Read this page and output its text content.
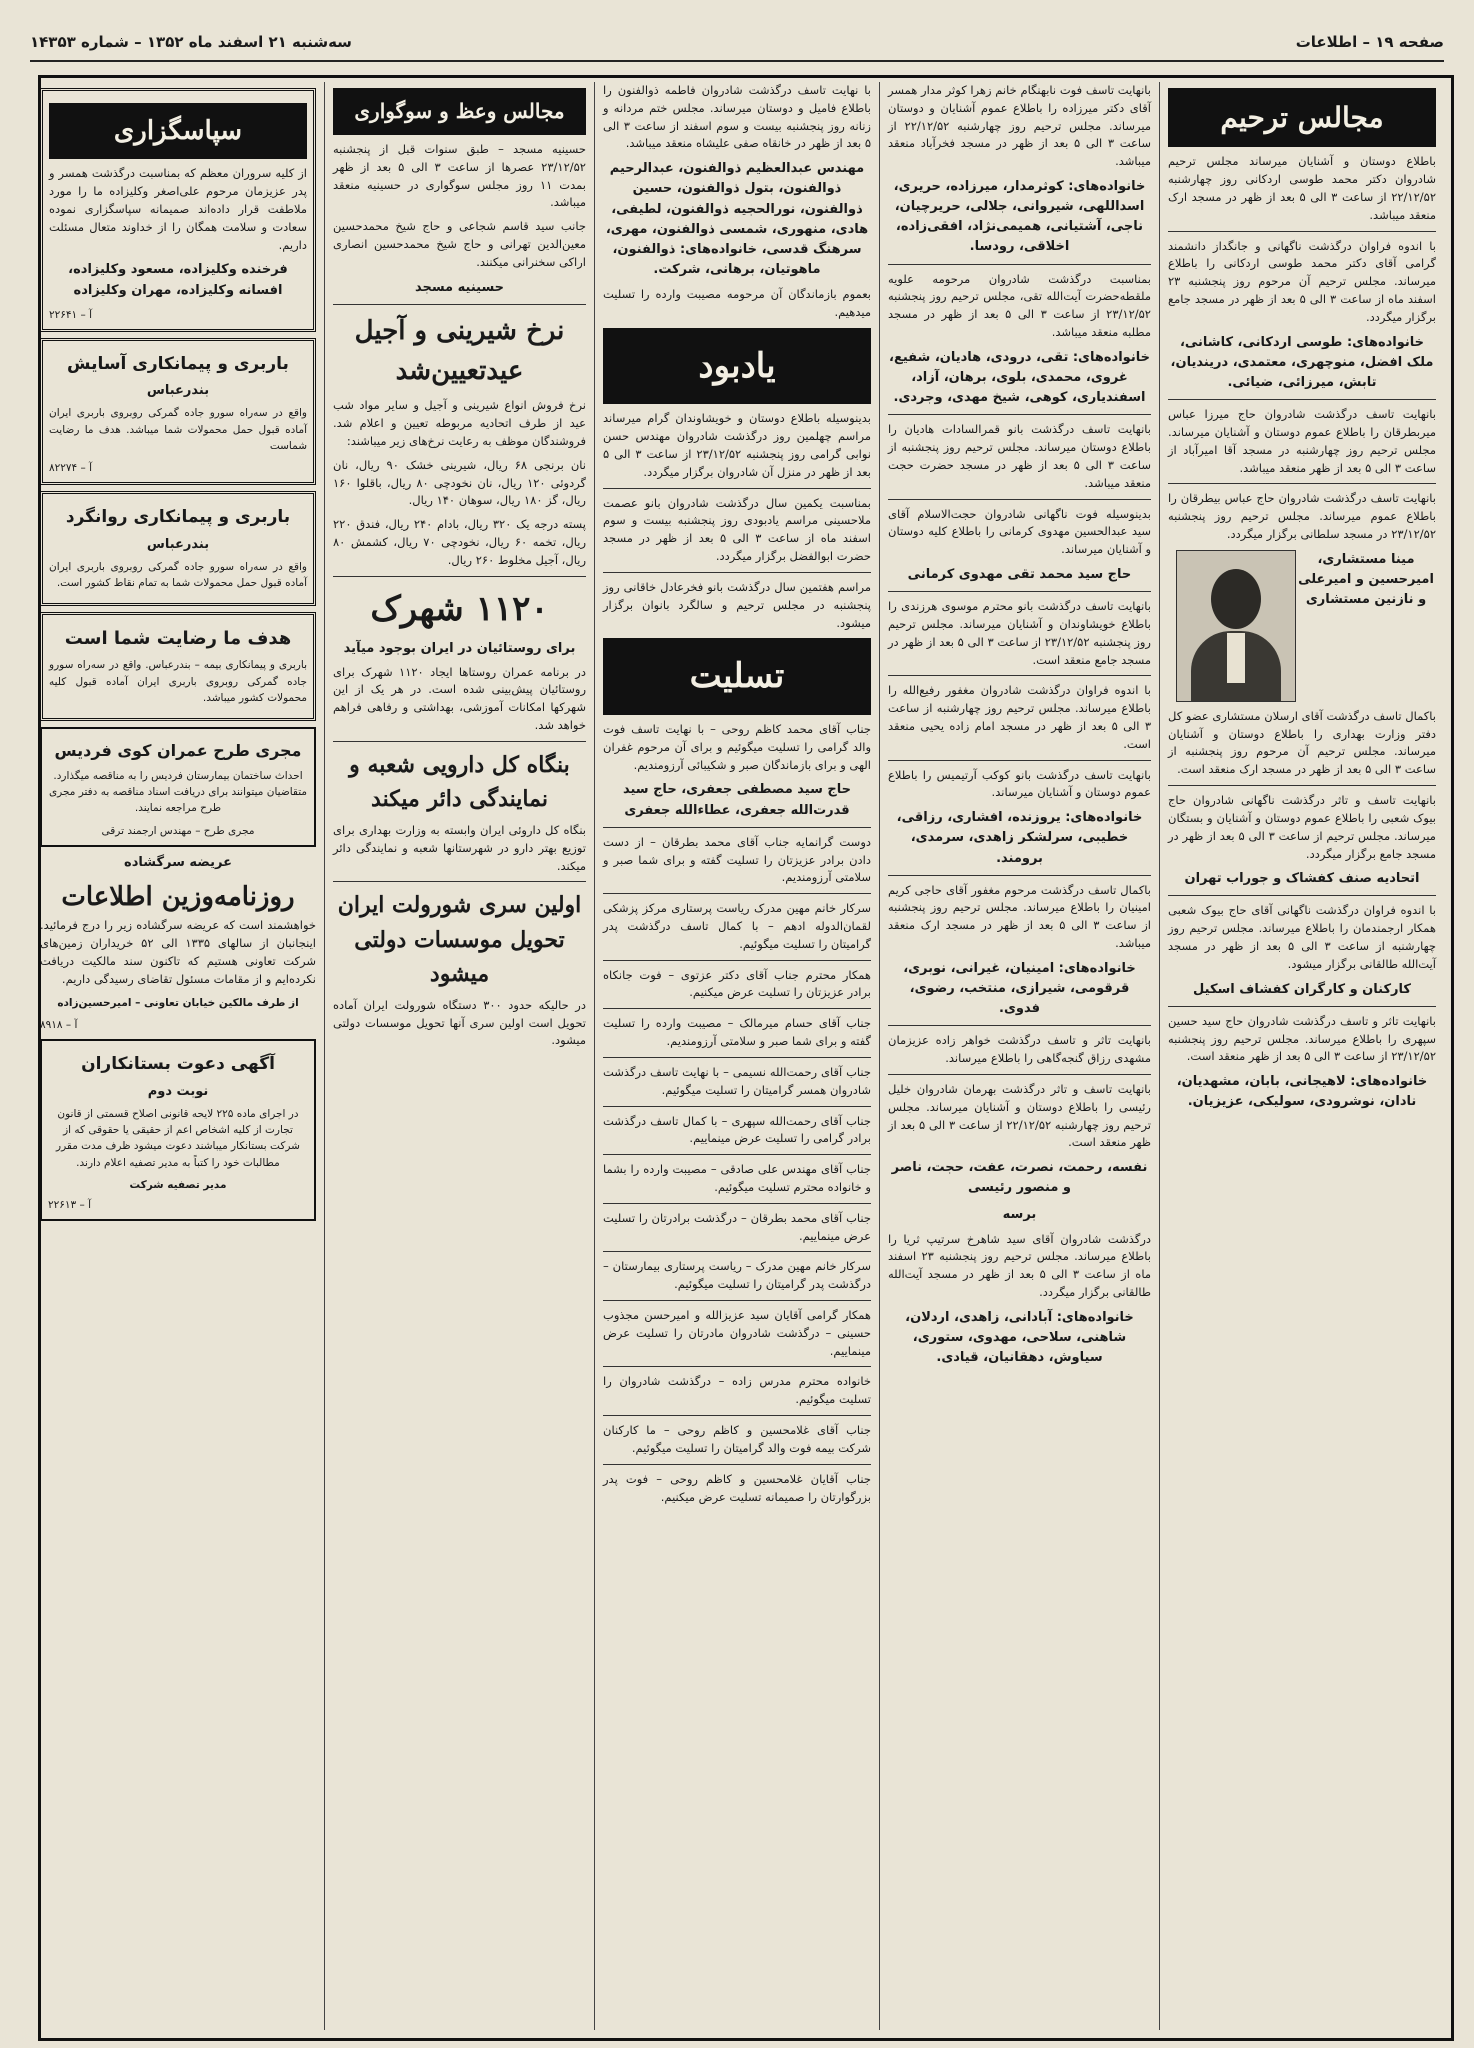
صفحه ۱۹ – اطلاعات
سه‌شنبه ۲۱ اسفند ماه ۱۳۵۲ – شماره ۱۴۳۵۳
مجالس ترحیم

باطلاع دوستان و آشنایان میرساند مجلس ترحیم شادروان دکتر محمد طوسی اردکانی روز چهارشنبه ۲۲/۱۲/۵۲ از ساعت ۳ الی ۵ بعد از ظهر در مسجد ارک منعقد میباشد.

با اندوه فراوان درگذشت ناگهانی و جانگداز دانشمند گرامی آقای دکتر محمد طوسی اردکانی را باطلاع میرساند. مجلس ترحیم آن مرحوم روز پنجشنبه ۲۳ اسفند ماه از ساعت ۳ الی ۵ بعد از ظهر در مسجد جامع برگزار میگردد.

خانواده‌های: طوسی اردکانی، کاشانی، ملک افضل، منوچهری، معتمدی، دریندیان، تابش، میرزائی، ضیائی.

بانهایت تاسف درگذشت شادروان حاج میرزا عباس میربطرقان را باطلاع عموم دوستان و آشنایان میرساند. مجلس ترحیم روز چهارشنبه در مسجد آقا امیرآباد از ساعت ۳ الی ۵ بعد از ظهر منعقد میباشد.

بانهایت تاسف درگذشت شادروان حاج عباس بیطرقان را باطلاع عموم میرساند. مجلس ترحیم روز پنجشنبه ۲۳/۱۲/۵۲ در مسجد سلطانی برگزار میگردد.

مینا مستشاری، امیرحسین و امیرعلی و نازنین مستشاری

باکمال تاسف درگذشت آقای ارسلان مستشاری عضو کل دفتر وزارت بهداری را باطلاع دوستان و آشنایان میرساند. مجلس ترحیم آن مرحوم روز پنجشنبه از ساعت ۳ الی ۵ بعد از ظهر در مسجد ارک منعقد است.

بانهایت تاسف و تاثر درگذشت ناگهانی شادروان حاج بیوک شعبی را باطلاع عموم دوستان و آشنایان و بستگان میرساند. مجلس ترحیم از ساعت ۳ الی ۵ بعد از ظهر در مسجد جامع برگزار میگردد.

اتحادیه صنف کفشاک و جوراب تهران

با اندوه فراوان درگذشت ناگهانی آقای حاج بیوک شعبی همکار ارجمندمان را باطلاع میرساند. مجلس ترحیم روز چهارشنبه از ساعت ۳ الی ۵ بعد از ظهر در مسجد آیت‌الله طالقانی برگزار میشود.

کارکنان و کارگران کفشاف اسکیل

بانهایت تاثر و تاسف درگذشت شادروان حاج سید حسین سپهری را باطلاع میرساند. مجلس ترحیم روز پنجشنبه ۲۳/۱۲/۵۲ از ساعت ۳ الی ۵ بعد از ظهر منعقد است.

خانواده‌های: لاهیجانی، بابان، مشهدیان، نادان، نوشرودی، سولیکی، عزیزیان.

بانهایت تاسف فوت نابهنگام خانم زهرا کوثر مدار همسر آقای دکتر میرزاده را باطلاع عموم آشنایان و دوستان میرساند. مجلس ترحیم روز چهارشنبه ۲۲/۱۲/۵۲ از ساعت ۳ الی ۵ بعد از ظهر در مسجد فخرآباد منعقد میباشد.

خانواده‌های: کوثرمدار، میرزاده، حریری، اسداللهی، شیروانی، جلالی، حریرچیان، ناجی، آشتیانی، همیمی‌نژاد، افقی‌زاده، اخلاقی، رودسا.

بمناسبت درگذشت شادروان مرحومه علویه ملقطه‌حضرت آیت‌الله تقی، مجلس ترحیم روز پنجشنبه ۲۳/۱۲/۵۲ از ساعت ۳ الی ۵ بعد از ظهر در مسجد مطلبه منعقد میباشد.

خانواده‌های: تقی، درودی، هادیان، شفیع، غروی، محمدی، بلوی، برهان، آزاد، اسفندیاری، کوهی، شیخ مهدی، وجردی.

بانهایت تاسف درگذشت بانو قمرالسادات هادیان را باطلاع دوستان میرساند. مجلس ترحیم روز پنجشنبه از ساعت ۳ الی ۵ بعد از ظهر در مسجد حضرت حجت منعقد میباشد.

بدینوسیله فوت ناگهانی شادروان حجت‌الاسلام آقای سید عبدالحسین مهدوی کرمانی را باطلاع کلیه دوستان و آشنایان میرساند.

حاج سید محمد تقی مهدوی کرمانی

بانهایت تاسف درگذشت بانو محترم موسوی هرزندی را باطلاع خویشاوندان و آشنایان میرساند. مجلس ترحیم روز پنجشنبه ۲۳/۱۲/۵۲ از ساعت ۳ الی ۵ بعد از ظهر در مسجد جامع منعقد است.

با اندوه فراوان درگذشت شادروان مغفور رفیع‌الله را باطلاع میرساند. مجلس ترحیم روز چهارشنبه از ساعت ۳ الی ۵ بعد از ظهر در مسجد امام زاده یحیی منعقد است.

بانهایت تاسف درگذشت بانو کوکب آرتیمیس را باطلاع عموم دوستان و آشنایان میرساند.

خانواده‌های: یروزنده، افشاری، رزاقی، خطیبی، سرلشکر زاهدی، سرمدی، برومند.

باکمال تاسف درگذشت مرحوم مغفور آقای حاجی کریم امینیان را باطلاع میرساند. مجلس ترحیم روز پنجشنبه از ساعت ۳ الی ۵ بعد از ظهر در مسجد ارک منعقد میباشد.

خانواده‌های: امینیان، غیرانی، نوبری، قرقومی، شیرازی، منتخب، رضوی، فدوی.

بانهایت تاثر و تاسف درگذشت خواهر زاده عزیزمان مشهدی رزاق گنجه‌گاهی را باطلاع میرساند.

بانهایت تاسف و تاثر درگذشت بهرمان شادروان خلیل رئیسی را باطلاع دوستان و آشنایان میرساند. مجلس ترحیم روز چهارشنبه ۲۲/۱۲/۵۲ از ساعت ۳ الی ۵ بعد از ظهر منعقد است.

نفسه، رحمت، نصرت، عفت، حجت، ناصر و منصور رئیسی

برسه

درگذشت شادروان آقای سید شاهرخ سرتیپ ثریا را باطلاع میرساند. مجلس ترحیم روز پنجشنبه ۲۳ اسفند ماه از ساعت ۳ الی ۵ بعد از ظهر در مسجد آیت‌الله طالقانی برگزار میگردد.

خانواده‌های: آبادانی، زاهدی، اردلان، شاهنی، سلاحی، مهدوی، ستوری، سیاوش، دهقانیان، قیادی.

با نهایت تاسف درگذشت شادروان فاطمه ذوالفنون را باطلاع فامیل و دوستان میرساند. مجلس ختم مردانه و زنانه روز پنجشنبه بیست و سوم اسفند از ساعت ۳ الی ۵ بعد از ظهر در خانقاه صفی علیشاه منعقد میباشد.

مهندس عبدالعظیم ذوالفنون، عبدالرحیم ذوالفنون، بتول ذوالفنون، حسین ذوالفنون، نورالحجیه ذوالفنون، لطیفی، هادی، منهوری، شمسی ذوالفنون، مهری، سرهنگ قدسی، خانواده‌های: ذوالفنون، ماهوتیان، برهانی، شرکت.

بعموم بازماندگان آن مرحومه مصیبت وارده را تسلیت میدهیم.

یادبود

بدینوسیله باطلاع دوستان و خویشاوندان گرام میرساند مراسم چهلمین روز درگذشت شادروان مهندس حسن نوابی گرامی روز پنجشنبه ۲۳/۱۲/۵۲ از ساعت ۳ الی ۵ بعد از ظهر در منزل آن شادروان برگزار میگردد.

بمناسبت یکمین سال درگذشت شادروان بانو عصمت ملاحسینی مراسم یادبودی روز پنجشنبه بیست و سوم اسفند ماه از ساعت ۳ الی ۵ بعد از ظهر در مسجد حضرت ابوالفضل برگزار میگردد.

مراسم هفتمین سال درگذشت بانو فخرعادل خاقانی روز پنجشنبه در مجلس ترحیم و سالگرد بانوان برگزار میشود.

تسلیت

جناب آقای محمد کاظم روحی – با نهایت تاسف فوت والد گرامی را تسلیت میگوئیم و برای آن مرحوم غفران الهی و برای بازماندگان صبر و شکیبائی آرزومندیم.

حاج سید مصطفی جعفری، حاج سید قدرت‌الله جعفری، عطاءالله جعفری

دوست گرانمایه جناب آقای محمد بطرقان – از دست دادن برادر عزیزتان را تسلیت گفته و برای شما صبر و سلامتی آرزومندیم.

سرکار خانم مهین مدرک ریاست پرستاری مرکز پزشکی لقمان‌الدوله ادهم – با کمال تاسف درگذشت پدر گرامیتان را تسلیت میگوئیم.

همکار محترم جناب آقای دکتر عزتوی – فوت جانکاه برادر عزیزتان را تسلیت عرض میکنیم.

جناب آقای حسام میرمالک – مصیبت وارده را تسلیت گفته و برای شما صبر و سلامتی آرزومندیم.

جناب آقای رحمت‌الله نسیمی – با نهایت تاسف درگذشت شادروان همسر گرامیتان را تسلیت میگوئیم.

جناب آقای رحمت‌الله سپهری – با کمال تاسف درگذشت برادر گرامی را تسلیت عرض مینماییم.

جناب آقای مهندس علی صادقی – مصیبت وارده را بشما و خانواده محترم تسلیت میگوئیم.

جناب آقای محمد بطرقان – درگذشت برادرتان را تسلیت عرض مینماییم.

سرکار خانم مهین مدرک – ریاست پرستاری بیمارستان – درگذشت پدر گرامیتان را تسلیت میگوئیم.

همکار گرامی آقایان سید عزیزالله و امیرحسن مجذوب حسینی – درگذشت شادروان مادرتان را تسلیت عرض مینماییم.

خانواده محترم مدرس زاده – درگذشت شادروان را تسلیت میگوئیم.

جناب آقای غلامحسین و کاظم روحی – ما کارکنان شرکت بیمه فوت والد گرامیتان را تسلیت میگوئیم.

جناب آقایان غلامحسین و کاظم روحی – فوت پدر بزرگوارتان را صمیمانه تسلیت عرض میکنیم.

مجالس وعظ و سوگواری

حسینیه مسجد – طبق سنوات قبل از پنجشنبه ۲۳/۱۲/۵۲ عصرها از ساعت ۳ الی ۵ بعد از ظهر بمدت ۱۱ روز مجلس سوگواری در حسینیه منعقد میباشد.

جانب سید قاسم شجاعی و حاج شیخ محمدحسین معین‌الدین تهرانی و حاج شیخ محمدحسین انصاری اراکی سخنرانی میکنند.

حسینیه مسجد

نرخ شیرینی و آجیل عیدتعیین‌شد

نرخ فروش انواع شیرینی و آجیل و سایر مواد شب عید از طرف اتحادیه مربوطه تعیین و اعلام شد. فروشندگان موظف به رعایت نرخ‌های زیر میباشند:

نان برنجی ۶۸ ریال، شیرینی خشک ۹۰ ریال، نان گردوئی ۱۲۰ ریال، نان نخودچی ۸۰ ریال، باقلوا ۱۶۰ ریال، گز ۱۸۰ ریال، سوهان ۱۴۰ ریال.

پسته درجه یک ۳۲۰ ریال، بادام ۲۴۰ ریال، فندق ۲۲۰ ریال، تخمه ۶۰ ریال، نخودچی ۷۰ ریال، کشمش ۸۰ ریال، آجیل مخلوط ۲۶۰ ریال.

۱۱۲۰ شهرک
برای روستائیان در ایران بوجود میآید

در برنامه عمران روستاها ایجاد ۱۱۲۰ شهرک برای روستائیان پیش‌بینی شده است. در هر یک از این شهرکها امکانات آموزشی، بهداشتی و رفاهی فراهم خواهد شد.

بنگاه کل دارویی شعبه و نمایندگی دائر میکند

بنگاه کل داروئی ایران وابسته به وزارت بهداری برای توزیع بهتر دارو در شهرستانها شعبه و نمایندگی دائر میکند.

اولین سری شورولت ایران تحویل موسسات دولتی میشود

در حالیکه حدود ۳۰۰ دستگاه شورولت ایران آماده تحویل است اولین سری آنها تحویل موسسات دولتی میشود.

سپاسگزاری

از کلیه سروران معظم که بمناسبت درگذشت همسر و پدر عزیزمان مرحوم علی‌اصغر وکلیزاده ما را مورد ملاطفت قرار داده‌اند صمیمانه سپاسگزاری نموده سعادت و سلامت همگان را از خداوند متعال مسئلت داریم.

فرخنده وکلیزاده، مسعود وکلیزاده، افسانه وکلیزاده، مهران وکلیزاده

آ – ۲۲۶۴۱
باربری و پیمانکاری آسایش
بندرعباس

واقع در سه‌راه سورو جاده گمرکی روبروی باربری ایران آماده قبول حمل محمولات شما میباشد. هدف ما رضایت شماست

آ – ۸۲۲۷۴
باربری و پیمانکاری روانگرد
بندرعباس

واقع در سه‌راه سورو جاده گمرکی روبروی باربری ایران آماده قبول حمل محمولات شما به تمام نقاط کشور است.

هدف ما رضایت شما است

باربری و پیمانکاری بیمه – بندرعباس. واقع در سه‌راه سورو جاده گمرکی روبروی باربری ایران آماده قبول کلیه محمولات کشور میباشد.

مجری طرح عمران کوی فردیس

احداث ساختمان بیمارستان فردیس را به مناقصه میگذارد. متقاضیان میتوانند برای دریافت اسناد مناقصه به دفتر مجری طرح مراجعه نمایند.

مجری طرح – مهندس ارجمند ترقی
عریضه سرگشاده
روزنامه‌وزین اطلاعات

خواهشمند است که عریضه سرگشاده زیر را درج فرمائید. اینجانبان از سالهای ۱۳۳۵ الی ۵۲ خریداران زمین‌های شرکت تعاونی هستیم که تاکنون سند مالکیت دریافت نکرده‌ایم و از مقامات مسئول تقاضای رسیدگی داریم.

از طرف مالکین خیابان تعاونی – امیرحسین‌زاده

آ – ۸۹۱۸
آگهی دعوت بستانکاران
نوبت دوم

در اجرای ماده ۲۲۵ لایحه قانونی اصلاح قسمتی از قانون تجارت از کلیه اشخاص اعم از حقیقی یا حقوقی که از شرکت بستانکار میباشند دعوت میشود ظرف مدت مقرر مطالبات خود را کتباً به مدیر تصفیه اعلام دارند.

مدیر تصفیه شرکت
آ – ۲۲۶۱۳
